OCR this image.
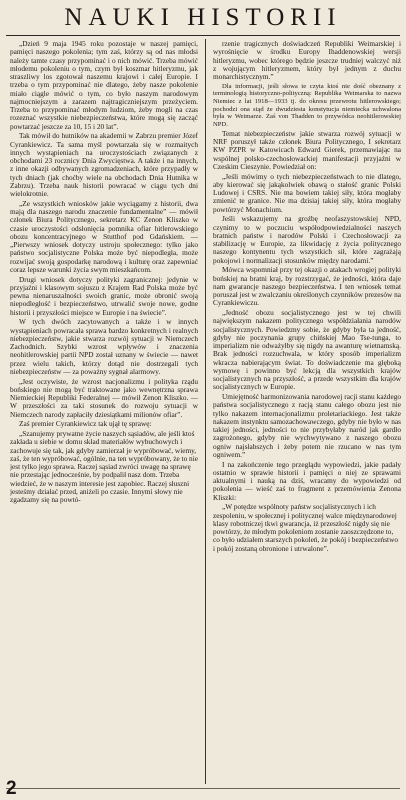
NAUKI HISTORII

„Dzień 9 maja 1945 roku pozostaje w naszej pamięci, pamięci naszego pokolenia; tym zaś, którzy są od nas młodsi należy tamte czasy przypominać i o nich mówić. Trzeba mówić młodemu pokoleniu o tym, czym był koszmar hitleryzmu, jak straszliwy los zgotował naszemu krajowi i całej Europie. I trzeba o tym przypominać nie dlatego, żeby nasze pokolenie miało ciągle mówić o tym, co było naszym narodowym najmocniejszym a zarazem najtragiczniejszym przeżyciem. Trzeba to przypominać młodym ludziom, żeby mogli na czas rozeznać wszystkie niebezpieczeństwa, które mogą się zacząć powtarzać jeszcze za 10, 15 i 20 lat”.

Tak mówił do hutników na akademii w Zabrzu premier Józef Cyrankiewicz. Ta sama myśl powtarzała się w rozmaitych innych wystąpieniach na uroczystościach związanych z obchodami 23 rocznicy Dnia Zwycięstwa. A także i na innych, z inne okazji odbywanych zgromadzeniach, które przypadły w tych dniach (jak choćby wiele na obchodach Dnia Hutnika w Zabrzu). Trzeba nauk historii powracać w ciągu tych dni wielokrotnie.

„Ze wszystkich wniosków jakie wyciągamy z historii, dwa mają dla naszego narodu znaczenie fundamentalne” — mówił członek Biura Politycznego, sekretarz KC Zenon Kliszko w czasie uroczystości odsłonięcia pomnika ofiar hitlerowskiego obozu koncentracyjnego w Stutthof pod Gdańskiem. — „Pierwszy wniosek dotyczy ustroju społecznego: tylko jako państwo socjalistyczne Polska może być niepodległa, może rozwijać swoją gospodarkę narodową i kulturę oraz zapewniać coraz lepsze warunki życia swym mieszkańcom.

Drugi wniosek dotyczy polityki zagranicznej: jedynie w przyjaźni i klasowym sojuszu z Krajem Rad Polska może być pewna nienaruszalności swoich granic, może obronić swoją niepodległość i bezpieczeństwo, utrwalić swoje nowe, godne historii i przyszłości miejsce w Europie i na świecie”.

W tych dwóch zacytowanych a także i w innych wystąpieniach powracała sprawa bardzo konkretnych i realnych niebezpieczeństw, jakie stwarza rozwój sytuacji w Niemczech Zachodnich. Szybki wzrost wpływów i znaczenia neohitlerowskiej partii NPD został uznany w świecie — nawet przez wielu takich, którzy dotąd nie dostrzegali tych niebezpieczeństw — za poważny sygnał alarmowy.

„Jest oczywiste, że wzrost nacjonalizmu i polityka rządu bońskiego nie mogą być traktowane jako wewnętrzna sprawa Niemieckiej Republiki Federalnej — mówił Zenon Kliszko. — W przeszłości za taki stosunek do rozwoju sytuacji w Niemczech narody zapłaciły dziesiątkami milionów ofiar”.

Zaś premier Cyrankiewicz tak ujął tę sprawę:

„Szanujemy prywatne życie naszych sąsiadów, ale jeśli ktoś zakłada u siebie w domu skład materiałów wybuchowych i zachowuje się tak, jak gdyby zamierzał je wypróbować, wiemy, zaś, że ten wypróbować, ogólnie, na ten wypróbowany, że to nie jest tylko jego sprawa. Raczej sąsiad zwróci uwagę na sprawę nie przestając jednocześnie, by podpalił nasz dom. Trzeba wiedzieć, że w naszym interesie jest zapobiec. Raczej słuszni jesteśmy działać przed, aniżeli po czasie. Innymi słowy nie zgadzamy się na powtó-

rzenie tragicznych doświadczeń Republiki Weimarskiej i wyrośnięcie w środku Europy Ihaddenowskiej wersji hitleryzmu, wobec którego będzie jeszcze trudniej walczyć niż z wojującym hitleryzmem, który był jednym z duchu monarchistycznym.”

Dla informacji, jeśli słowa te czyta ktoś nie dość obeznany z terminologią historyczno-polityczną: Republika Weimarska to nazwa Niemiec z lat 1918—1933 tj. do okresu przewrotu hitlerowskiego; pochodzi ona stąd że dwudziesta konstytucja niemiecka uchwalona była w Weimarze. Zaś von Thadden to przywódca neohitlerowskiej NPD.

Temat niebezpieczeństw jakie stwarza rozwój sytuacji w NRF poruszył także członek Biura Politycznego, I sekretarz KW PZPR w Katowicach Edward Gierek, przemawiając na wspólnej polsko-czechosłowackiej manifestacji przyjaźni w Czeskim Cieszynie. Powiedział on:

„Jeśli mówimy o tych niebezpieczeństwach to nie dlatego, aby kierować się jakąkolwiek obawą o stałość granic Polski Ludowej i CSRS. Nie ma bowiem takiej siły, która mogłaby zmienić te granice. Nie ma dzisiaj takiej siły, która mogłaby powtórzyć Monachium.

Jeśli wskazujemy na groźbę neofaszystowskiej NPD, czynimy to w poczuciu współodpowiedzialności naszych bratnich państw i narodów Polski i Czechosłowacji za stabilizację w Europie, za likwidację z życia politycznego naszego kontynentu tych wszystkich sił, które zagrażają pokojowi i normalizacji stosunków między narodami.”

Mówca wspomniał przy tej okazji o atakach wrogiej polityki bońskiej na bratni kraj, by rozstrzygać, że jedności, która daje nam gwarancje naszego bezpieczeństwa. I ten wniosek temat poruszał jest w zwalczaniu określonych czynników prezesów na Cyrankiewiczu.

„Jedność obozu socjalistycznego jest w tej chwili największym nakazem politycznego współdziałania narodów socjalistycznych. Powiedzmy sobie, że gdyby była ta jedność, gdyby nie poczynania grupy chińskiej Mao Tse-tunga, to imperializm nie odważyłby się nigdy na awanturę wietnamską. Brak jedności rozzuchwala, w który sposób imperializm wkracza nabierającym świat. To doświadczenie ma głęboką wymowę i powinno być lekcją dla wszystkich krajów socjalistycznych na przyszłość, a przede wszystkim dla krajów socjalistycznych w Europie.

Umiejętność harmonizowania narodowej racji stanu każdego państwa socjalistycznego z racją stanu całego obozu jest nie tylko nakazem internacjonalizmu proletariackiego. Jest także nakazem instynktu samozachowawczego, gdyby nie było w nas takiej jedności, jedności to nie przybyłaby naród jak gardło zagrożonego, gdyby nie wychwytywano z naszego obozu ogniw najsłabszych i żeby potem nie rzucano w nas tym ogniwem.”

I na zakończenie tego przeglądu wypowiedzi, jakie padały ostatnio w sprawie historii i pamięci o niej ze sprawami aktualnymi i nauką na dziś, wracamy do wypowiedzi od pokolenia — wieść zaś to fragment z przemówienia Zenona Kliszki:

„W potędze wspólnoty państw socjalistycznych i ich zespoleniu, w społecznej i politycznej walce międzynarodowej klasy robotniczej tkwi gwarancja, iż przeszłość nigdy się nie powtórzy, że młodym pokoleniom zostanie zaoszczędzone to, co było udziałem starszych pokoleń, że pokój i bezpieczeństwo i pokój zostaną obronione i utrwalone”.

2
